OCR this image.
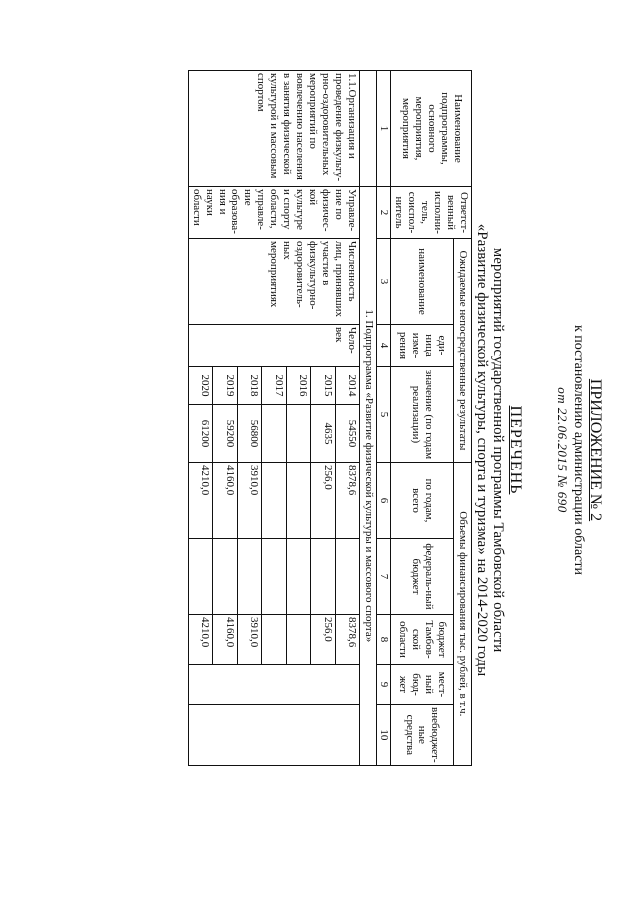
ПРИЛОЖЕНИЕ № 2
к постановлению администрации области
от 22.06.2015 № 690
ПЕРЕЧЕНЬ
мероприятий государственной программы Тамбовской области
«Развитие физической культуры, спорта и туризма» на 2014-2020 годы
Наименование подпрограммы, основного мероприятия, мероприятия	Ответст-венный исполни-тель, соиспол-нитель	Ожидаемые непосредственные результаты				Объемы финансирования тыс. рублей, в т.ч.				
		наименование	еди-ница изме-рения	значение (по годам реализации)		по годам, всего	федераль-ный бюджет	бюджет Тамбов-ской области	мест-ный бюд-жет	внебюджет-ные средства
1	2	3	4	5		6	7	8	9	10
	1. Подпрограмма «Развитие физической культуры и массового спорта»									
1.1.Организация и проведение физкульту-рно-оздоровительных мероприятий по вовлечению населения в занятия физической культурой и массовым спортом	Управле-ние по физичес-кой культуре и спорту области, управле-ние образова-ния и науки области	Численность лиц, принявших участие в физкультурно-оздоровитель-ных мероприятиях	Чело-век	2014	54550	8378,6		8378,6		
				2015	4635	256,0		256,0		
				2016						
				2017						
				2018	56800	3910,0		3910,0		
				2019	59200	4160,0		4160,0		
				2020	61200	4210,0		4210,0		
